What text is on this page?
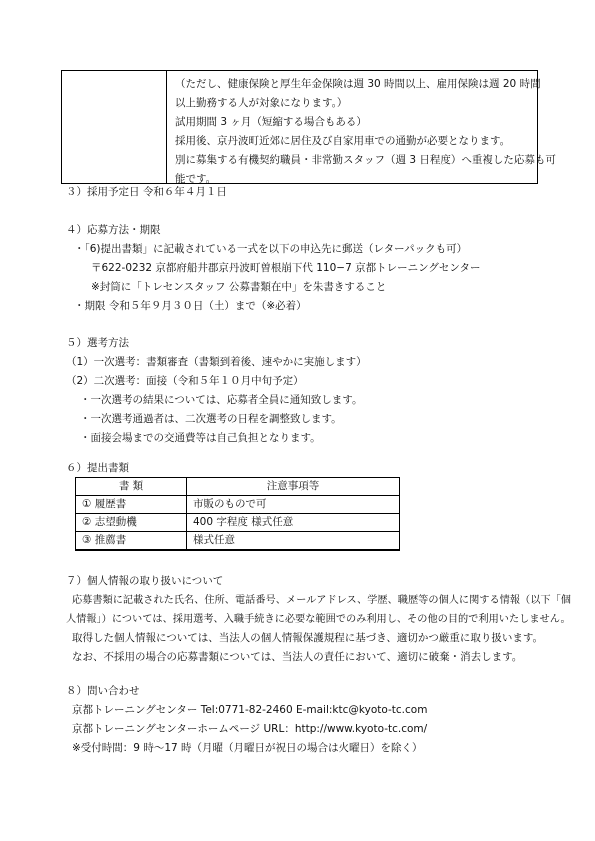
（ただし、健康保険と厚生年金保険は週 30 時間以上、雇用保険は週 20 時間
以上勤務する人が対象になります。）
試用期間 3 ヶ月（短縮する場合もある）
採用後、京丹波町近郊に居住及び自家用車での通勤が必要となります。
別に募集する有機契約職員・非常勤スタッフ（週 3 日程度）へ重複した応募も可
能です。
３）採用予定日 令和６年４月１日
４）応募方法・期限
・「6)提出書類」に記載されている一式を以下の申込先に郵送（レターパックも可）
〒622-0232 京都府船井郡京丹波町曽根崩下代 110−7 京都トレーニングセンター
※封筒に「トレセンスタッフ 公募書類在中」を朱書きすること
・期限 令和５年９月３０日（土）まで（※必着）
５）選考方法
（1）一次選考：書類審査（書類到着後、速やかに実施します）
（2）二次選考：面接（令和５年１０月中旬予定）
・一次選考の結果については、応募者全員に通知致します。
・一次選考通過者は、二次選考の日程を調整致します。
・面接会場までの交通費等は自己負担となります。
６）提出書類
書 類	注意事項等
① 履歴書	市販のもので可
② 志望動機	400 字程度 様式任意
③ 推薦書	様式任意
７）個人情報の取り扱いについて
応募書類に記載された氏名、住所、電話番号、メールアドレス、学歴、職歴等の個人に関する情報（以下「個
人情報」）については、採用選考、入職手続きに必要な範囲でのみ利用し、その他の目的で利用いたしません。
取得した個人情報については、当法人の個人情報保護規程に基づき、適切かつ厳重に取り扱います。
なお、不採用の場合の応募書類については、当法人の責任において、適切に破棄・消去します。
８）問い合わせ
京都トレーニングセンター Tel:0771-82-2460 E-mail:ktc@kyoto-tc.com
京都トレーニングセンターホームページ URL：http://www.kyoto-tc.com/
※受付時間：9 時〜17 時（月曜（月曜日が祝日の場合は火曜日）を除く）
